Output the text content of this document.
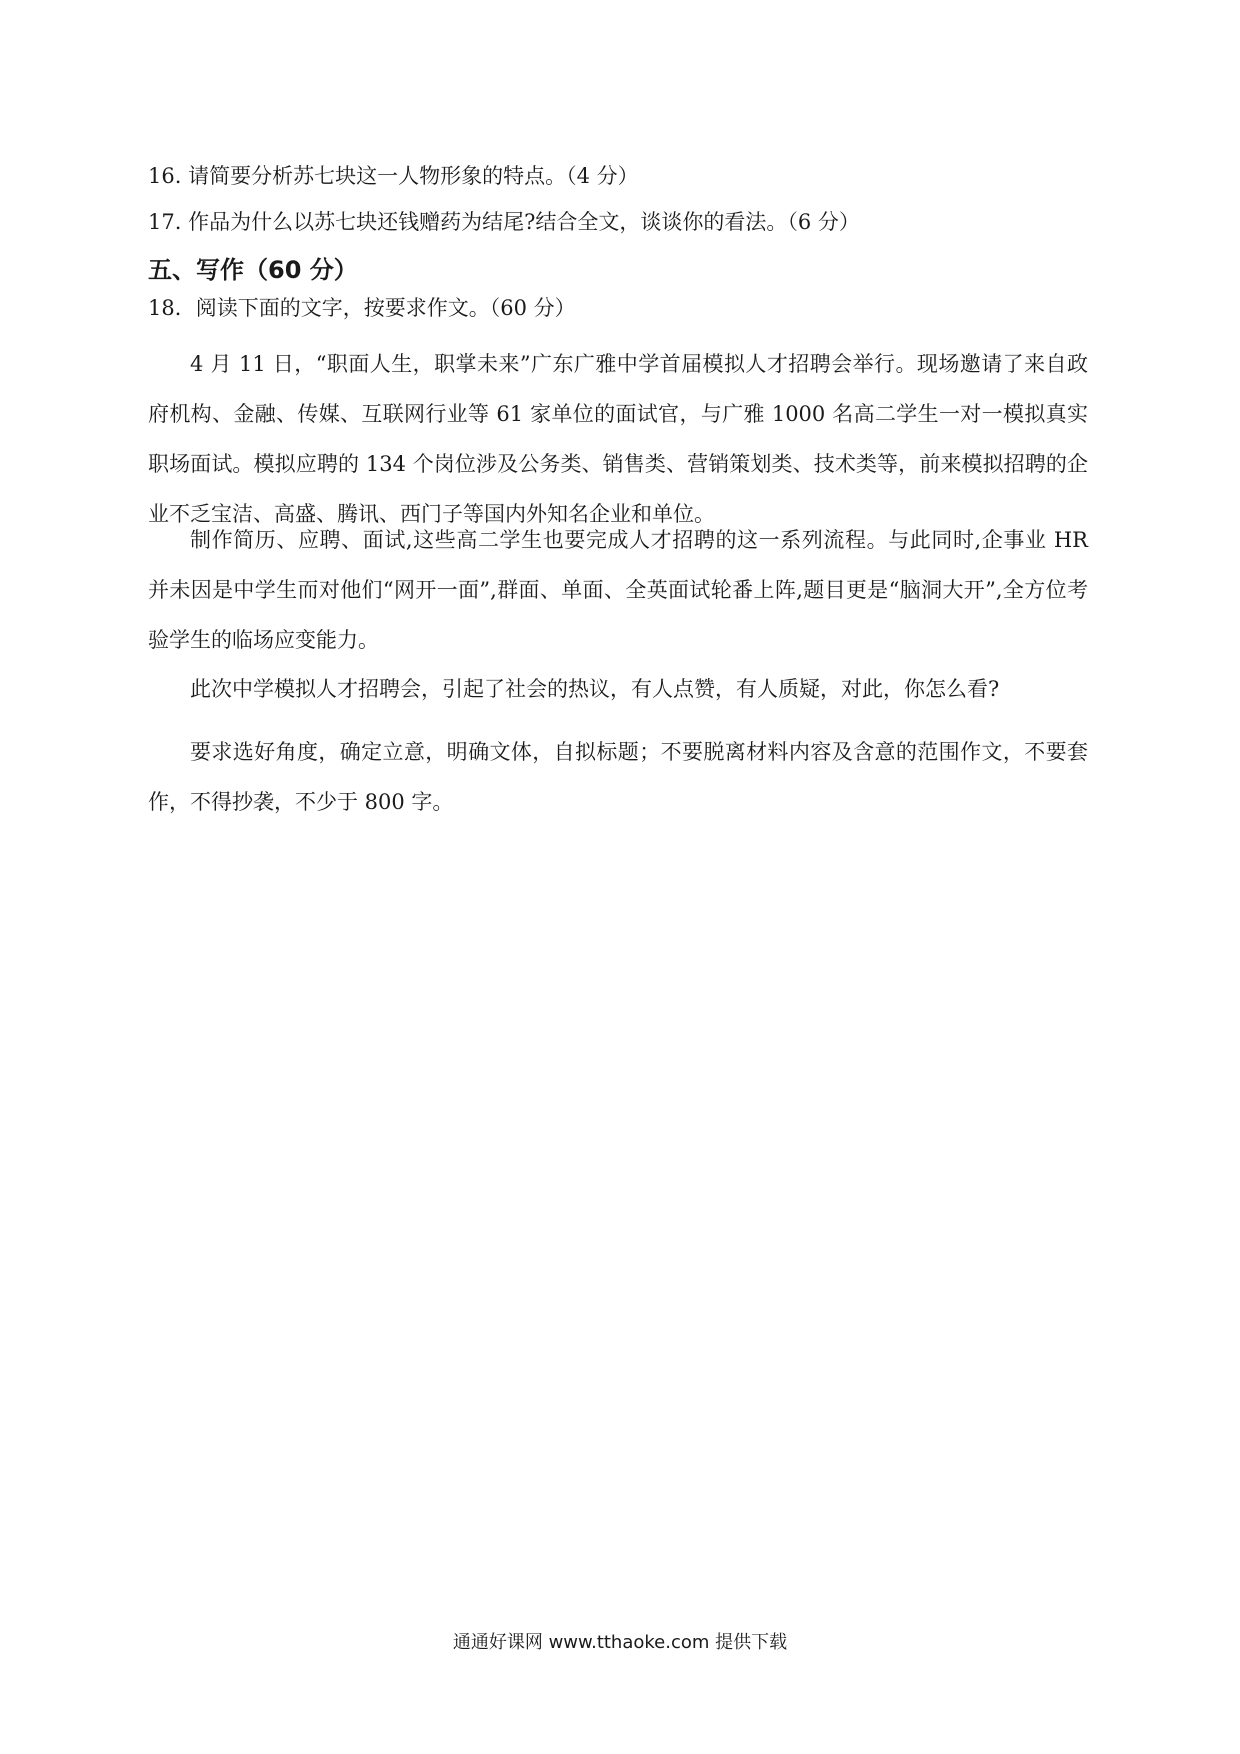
16. 请简要分析苏七块这一人物形象的特点。（4 分）
17. 作品为什么以苏七块还钱赠药为结尾?结合全文，谈谈你的看法。（6 分）
五、写作（60 分）
18．阅读下面的文字，按要求作文。（60 分）
4 月 11 日，“职面人生，职掌未来”广东广雅中学首届模拟人才招聘会举行。现场邀请了来自政府机构、金融、传媒、互联网行业等 61 家单位的面试官，与广雅 1000 名高二学生一对一模拟真实职场面试。模拟应聘的 134 个岗位涉及公务类、销售类、营销策划类、技术类等，前来模拟招聘的企业不乏宝洁、高盛、腾讯、西门子等国内外知名企业和单位。
制作简历、应聘、面试,这些高二学生也要完成人才招聘的这一系列流程。与此同时,企事业 HR 并未因是中学生而对他们“网开一面”,群面、单面、全英面试轮番上阵,题目更是“脑洞大开”,全方位考验学生的临场应变能力。
此次中学模拟人才招聘会，引起了社会的热议，有人点赞，有人质疑，对此，你怎么看?
要求选好角度，确定立意，明确文体，自拟标题；不要脱离材料内容及含意的范围作文，不要套作，不得抄袭，不少于 800 字。
通通好课网 www.tthaoke.com 提供下载
